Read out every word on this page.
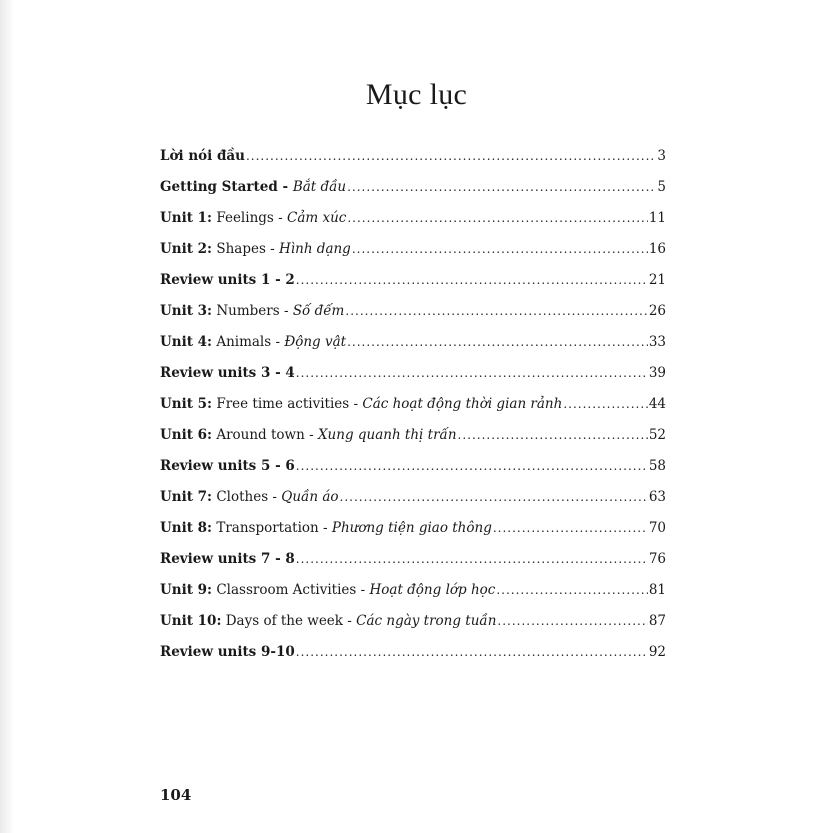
Mục lục
Lời nói đầu .....	3
Getting Started - Bắt đầu .....	5
Unit 1: Feelings - Cảm xúc .....	11
Unit 2: Shapes - Hình dạng .....	16
Review units 1 - 2 .....	21
Unit 3: Numbers - Số đếm .....	26
Unit 4: Animals - Động vật .....	33
Review units 3 - 4 .....	39
Unit 5: Free time activities - Các hoạt động thời gian rảnh .....	44
Unit 6: Around town - Xung quanh thị trấn .....	52
Review units 5 - 6 .....	58
Unit 7: Clothes - Quần áo .....	63
Unit 8: Transportation - Phương tiện giao thông .....	70
Review units 7 - 8 .....	76
Unit 9: Classroom Activities - Hoạt động lớp học .....	81
Unit 10: Days of the week - Các ngày trong tuần .....	87
Review units 9-10 .....	92
104
